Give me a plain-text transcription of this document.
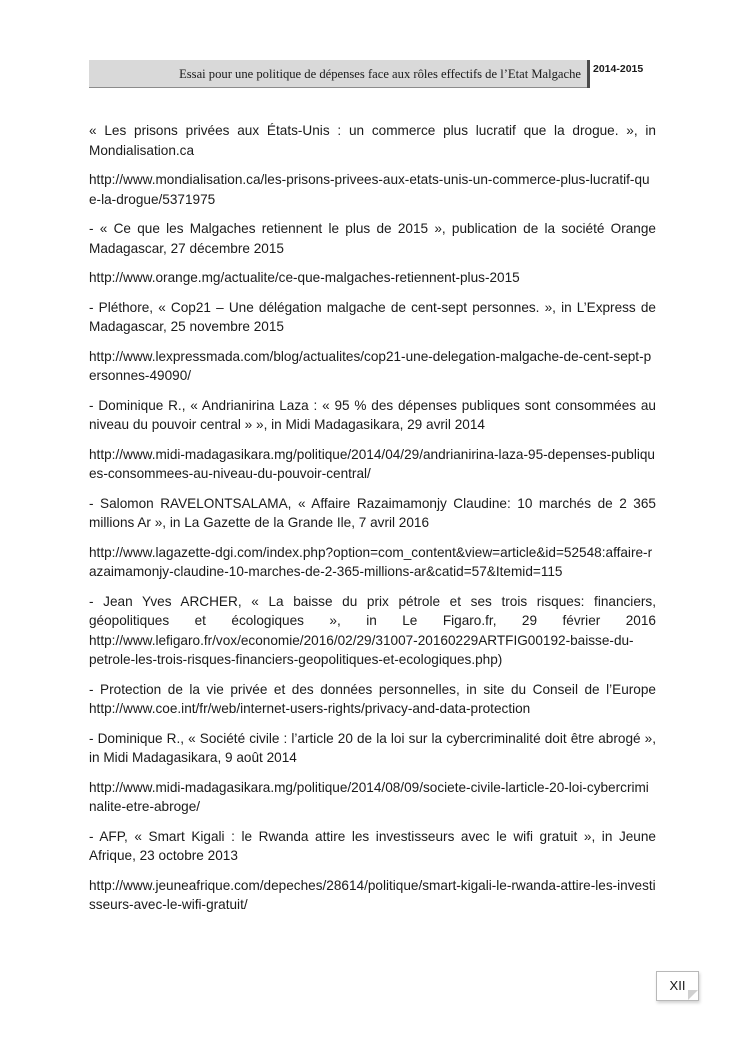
Essai pour une politique de dépenses face aux rôles effectifs de l’Etat Malgache	2014-2015

« Les prisons privées aux États-Unis : un commerce plus lucratif que la drogue. », in Mondialisation.ca

http://www.mondialisation.ca/les-prisons-privees-aux-etats-unis-un-commerce-plus-lucratif-que-la-drogue/5371975

- « Ce que les Malgaches retiennent le plus de 2015 », publication de la société Orange Madagascar, 27 décembre 2015

http://www.orange.mg/actualite/ce-que-malgaches-retiennent-plus-2015

- Pléthore, « Cop21 – Une délégation malgache de cent-sept personnes. », in L’Express de Madagascar, 25 novembre 2015

http://www.lexpressmada.com/blog/actualites/cop21-une-delegation-malgache-de-cent-sept-personnes-49090/

- Dominique R., « Andrianirina Laza : « 95 % des dépenses publiques sont consommées au niveau du pouvoir central » », in Midi Madagasikara, 29 avril 2014

http://www.midi-madagasikara.mg/politique/2014/04/29/andrianirina-laza-95-depenses-publiques-consommees-au-niveau-du-pouvoir-central/

- Salomon RAVELONTSALAMA, « Affaire Razaimamonjy Claudine: 10 marchés de 2 365 millions Ar », in La Gazette de la Grande Ile, 7 avril 2016

http://www.lagazette-dgi.com/index.php?option=com_content&view=article&id=52548:affaire-razaimamonjy-claudine-10-marches-de-2-365-millions-ar&catid=57&Itemid=115

- Jean Yves ARCHER, « La baisse du prix pétrole et ses trois risques: financiers, géopolitiques et écologiques », in Le Figaro.fr, 29 février 2016 http://www.lefigaro.fr/vox/economie/2016/02/29/31007-20160229ARTFIG00192-baisse-du-petrole-les-trois-risques-financiers-geopolitiques-et-ecologiques.php)

- Protection de la vie privée et des données personnelles, in site du Conseil de l’Europe http://www.coe.int/fr/web/internet-users-rights/privacy-and-data-protection

- Dominique R., « Société civile : l’article 20 de la loi sur la cybercriminalité doit être abrogé », in Midi Madagasikara, 9 août 2014

http://www.midi-madagasikara.mg/politique/2014/08/09/societe-civile-larticle-20-loi-cybercriminalite-etre-abroge/

- AFP, « Smart Kigali : le Rwanda attire les investisseurs avec le wifi gratuit », in Jeune Afrique, 23 octobre 2013

http://www.jeuneafrique.com/depeches/28614/politique/smart-kigali-le-rwanda-attire-les-investisseurs-avec-le-wifi-gratuit/

XII
